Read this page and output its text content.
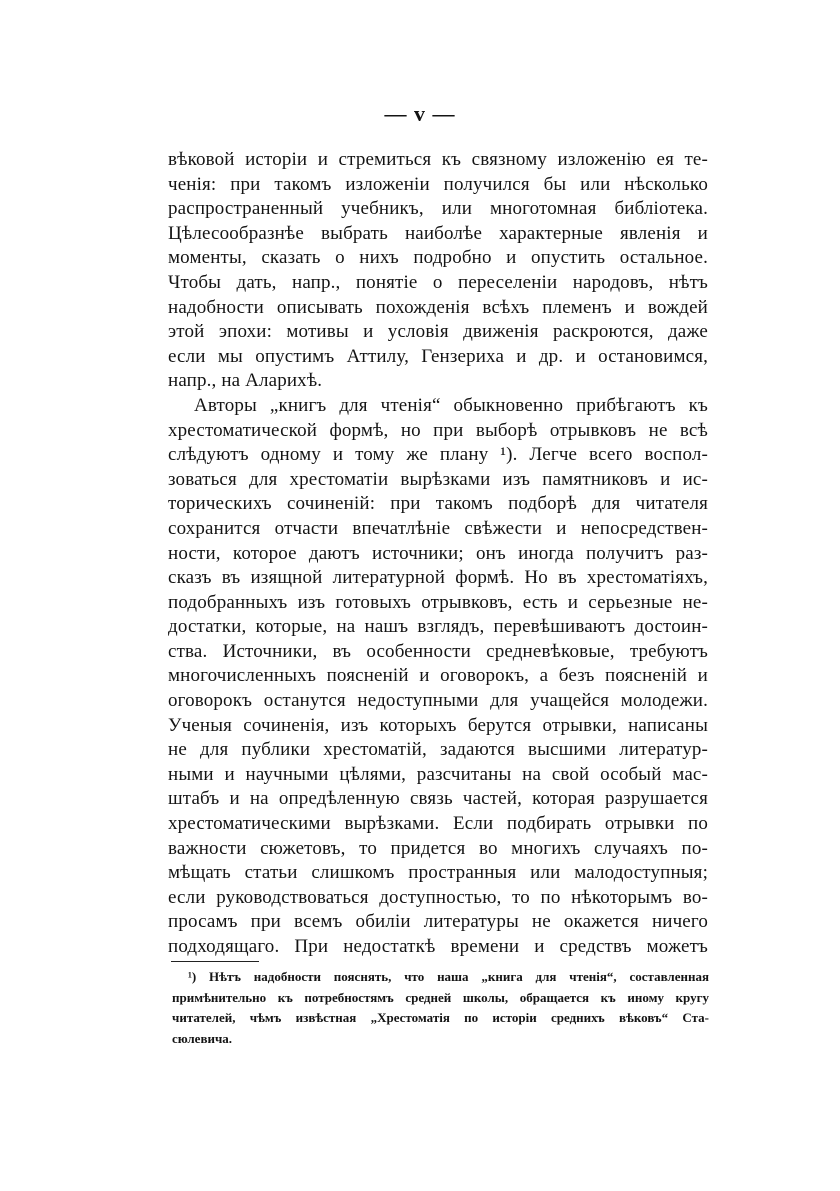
— v —
вѣковой исторіи и стремиться къ связному изложенію ея те-
ченія: при такомъ изложеніи получился бы или нѣсколько
распространенный учебникъ, или многотомная библіотека.
Цѣлесообразнѣе выбрать наиболѣе характерные явленія и
моменты, сказать о нихъ подробно и опустить остальное.
Чтобы дать, напр., понятіе о переселеніи народовъ, нѣтъ
надобности описывать похожденія всѣхъ племенъ и вождей
этой эпохи: мотивы и условія движенія раскроются, даже
если мы опустимъ Аттилу, Гензериха и др. и остановимся,
напр., на Аларихѣ.
Авторы „книгъ для чтенія“ обыкновенно прибѣгаютъ къ
хрестоматической формѣ, но при выборѣ отрывковъ не всѣ
слѣдуютъ одному и тому же плану ¹). Легче всего воспол-
зоваться для хрестоматіи вырѣзками изъ памятниковъ и ис-
торическихъ сочиненій: при такомъ подборѣ для читателя
сохранится отчасти впечатлѣніе свѣжести и непосредствен-
ности, которое даютъ источники; онъ иногда получитъ раз-
сказъ въ изящной литературной формѣ. Но въ хрестоматіяхъ,
подобранныхъ изъ готовыхъ отрывковъ, есть и серьезные не-
достатки, которые, на нашъ взглядъ, перевѣшиваютъ достоин-
ства. Источники, въ особенности средневѣковые, требуютъ
многочисленныхъ поясненій и оговорокъ, а безъ поясненій и
оговорокъ останутся недоступными для учащейся молодежи.
Ученыя сочиненія, изъ которыхъ берутся отрывки, написаны
не для публики хрестоматій, задаются высшими литератур-
ными и научными цѣлями, разсчитаны на свой особый мас-
штабъ и на опредѣленную связь частей, которая разрушается
хрестоматическими вырѣзками. Если подбирать отрывки по
важности сюжетовъ, то придется во многихъ случаяхъ по-
мѣщать статьи слишкомъ пространныя или малодоступныя;
если руководствоваться доступностью, то по нѣкоторымъ во-
просамъ при всемъ обиліи литературы не окажется ничего
подходящаго. При недостаткѣ времени и средствъ можетъ
¹) Нѣтъ надобности пояснять, что наша „книга для чтенія“, составленная
примѣнительно къ потребностямъ средней школы, обращается къ иному кругу
читателей, чѣмъ извѣстная „Хрестоматія по исторіи среднихъ вѣковъ“ Ста-
сюлевича.
